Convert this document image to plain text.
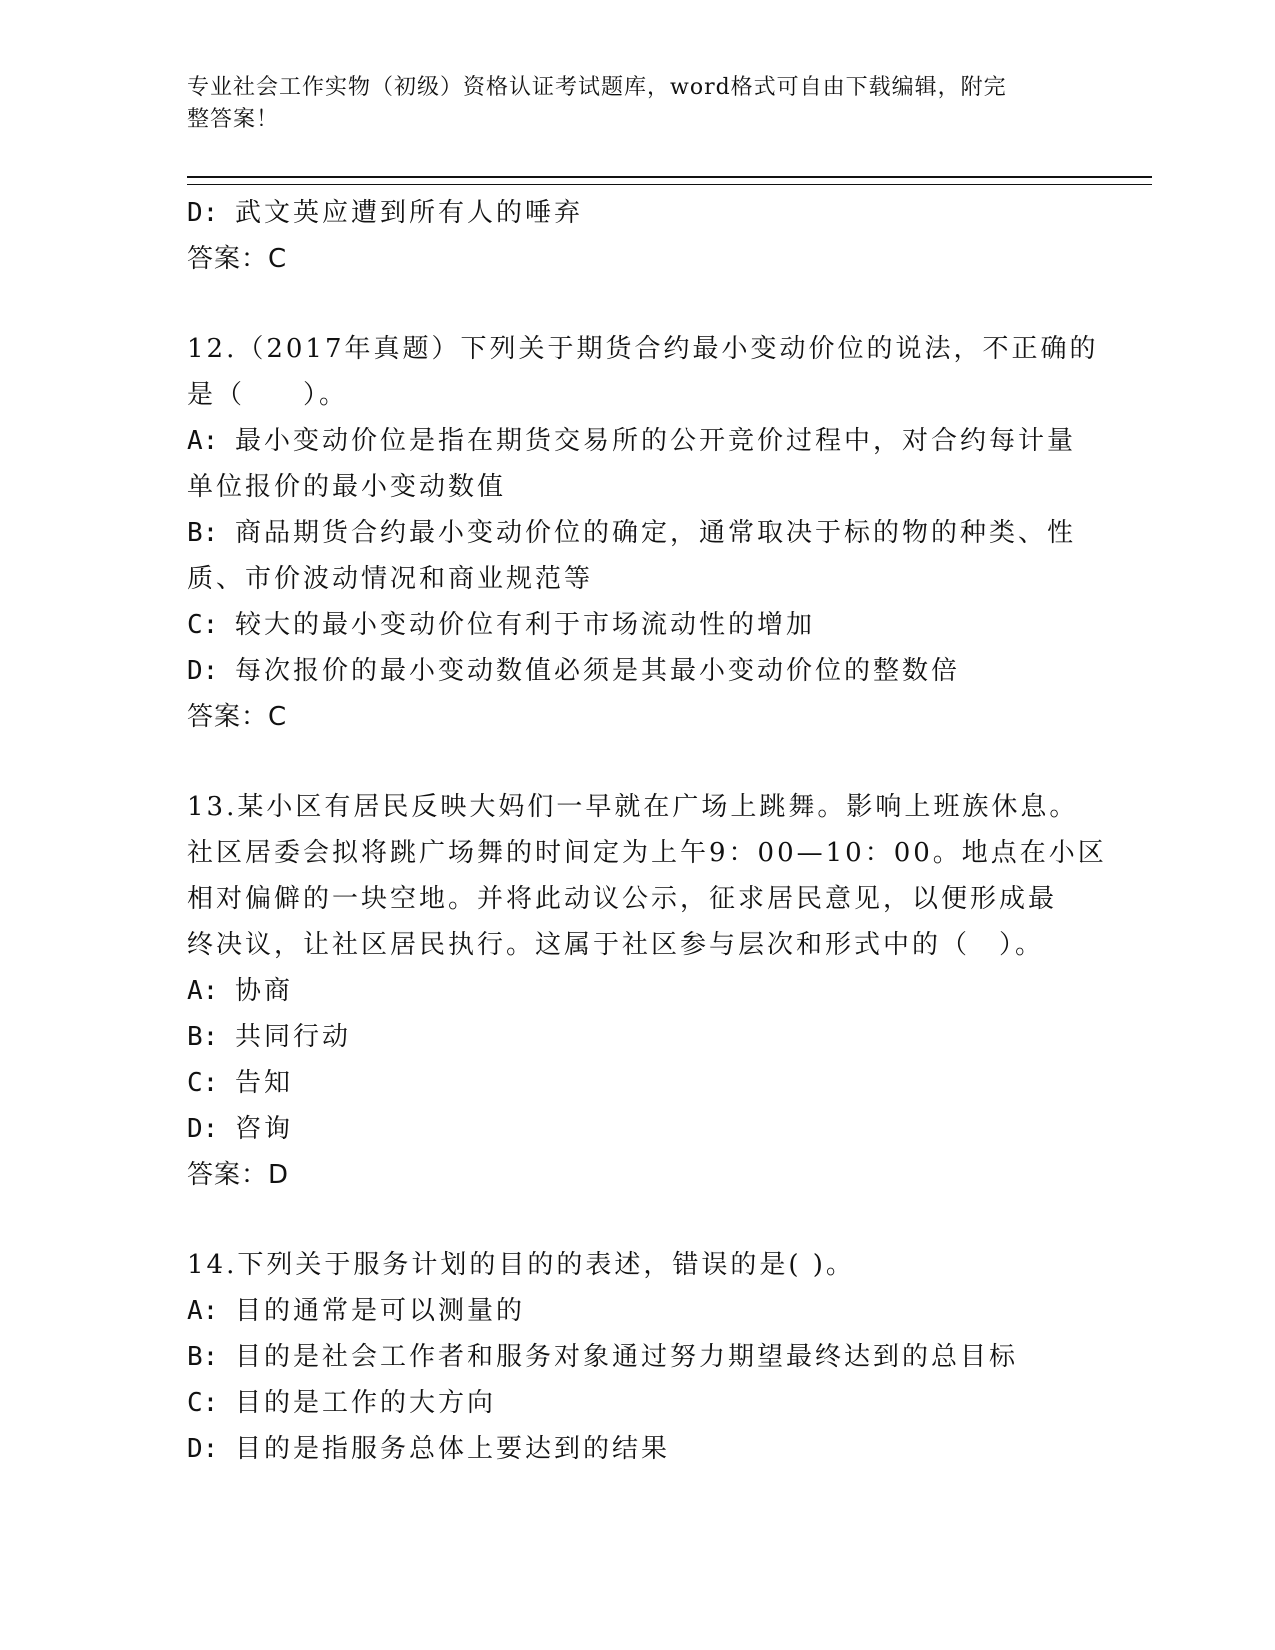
专业社会工作实物（初级）资格认证考试题库，word格式可自由下载编辑，附完
整答案！
D: 武文英应遭到所有人的唾弃

答案：C

12.（2017年真题）下列关于期货合约最小变动价位的说法，不正确的

是（　　）。

A: 最小变动价位是指在期货交易所的公开竞价过程中，对合约每计量

单位报价的最小变动数值

B: 商品期货合约最小变动价位的确定，通常取决于标的物的种类、性

质、市价波动情况和商业规范等

C: 较大的最小变动价位有利于市场流动性的增加
D: 每次报价的最小变动数值必须是其最小变动价位的整数倍

答案：C

13.某小区有居民反映大妈们一早就在广场上跳舞。影响上班族休息。

社区居委会拟将跳广场舞的时间定为上午9：00—10：00。地点在小区

相对偏僻的一块空地。并将此动议公示，征求居民意见，以便形成最

终决议，让社区居民执行。这属于社区参与层次和形式中的（　）。

A: 协商
B: 共同行动
C: 告知
D: 咨询

答案：D

14.下列关于服务计划的目的的表述，错误的是( )。

A: 目的通常是可以测量的
B: 目的是社会工作者和服务对象通过努力期望最终达到的总目标
C: 目的是工作的大方向
D: 目的是指服务总体上要达到的结果
